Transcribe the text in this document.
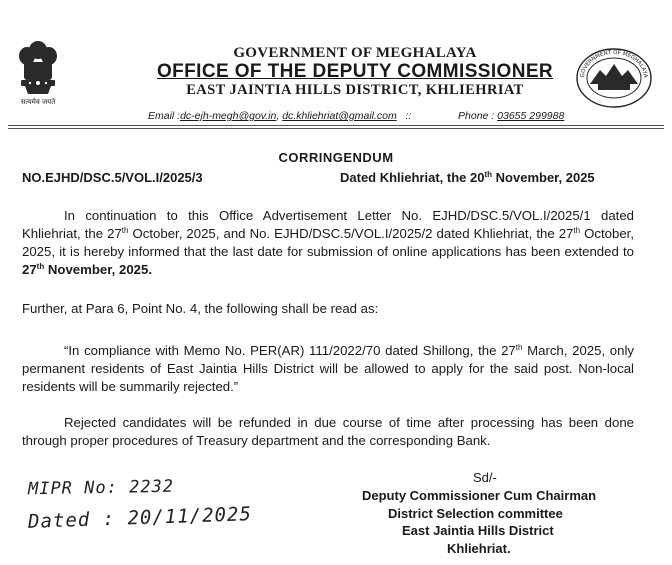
सत्यमेव जयते
GOVERNMENT OF MEGHALAYA
GOVERNMENT OF MEGHALAYA
OFFICE OF THE DEPUTY COMMISSIONER
EAST JAINTIA HILLS DISTRICT, KHLIEHRIAT
Email :dc-ejh-megh@gov.in, dc.khliehriat@gmail.com ::	Phone : 03655 299988
CORRINGENDUM
NO.EJHD/DSC.5/VOL.I/2025/3	Dated Khliehriat, the 20th November, 2025
In continuation to this Office Advertisement Letter No. EJHD/DSC.5/VOL.I/2025/1 dated Khliehriat, the 27th October, 2025, and No. EJHD/DSC.5/VOL.I/2025/2 dated Khliehriat, the 27th October, 2025, it is hereby informed that the last date for submission of online applications has been extended to 27th November, 2025.
Further, at Para 6, Point No. 4, the following shall be read as:
“In compliance with Memo No. PER(AR) 111/2022/70 dated Shillong, the 27th March, 2025, only permanent residents of East Jaintia Hills District will be allowed to apply for the said post. Non-local residents will be summarily rejected.”
Rejected candidates will be refunded in due course of time after processing has been done through proper procedures of Treasury department and the corresponding Bank.
MIPR No: 2232
Dated : 20/11/2025
Sd/-
Deputy Commissioner Cum Chairman
District Selection committee
East Jaintia Hills District
Khliehriat.
